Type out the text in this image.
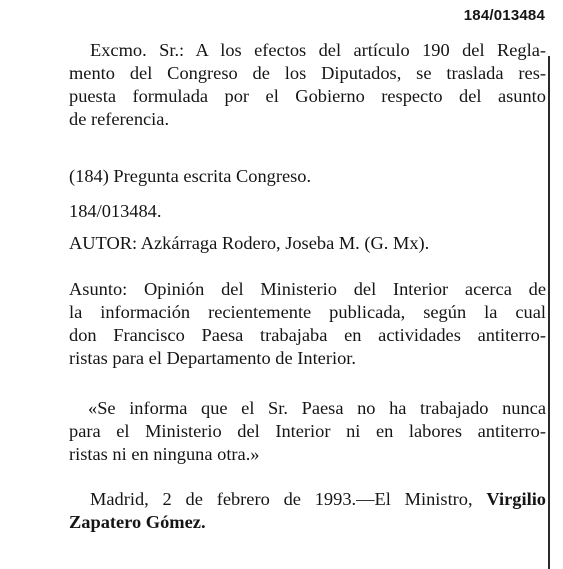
184/013484
Excmo. Sr.: A los efectos del artículo 190 del Regla-
mento del Congreso de los Diputados, se traslada res-
puesta formulada por el Gobierno respecto del asunto
de referencia.
(184) Pregunta escrita Congreso.
184/013484.
AUTOR: Azkárraga Rodero, Joseba M. (G. Mx).
Asunto: Opinión del Ministerio del Interior acerca de
la información recientemente publicada, según la cual
don Francisco Paesa trabajaba en actividades antiterro-
ristas para el Departamento de Interior.
«Se informa que el Sr. Paesa no ha trabajado nunca
para el Ministerio del Interior ni en labores antiterro-
ristas ni en ninguna otra.»
Madrid, 2 de febrero de 1993.—El Ministro, Virgilio
Zapatero Gómez.
